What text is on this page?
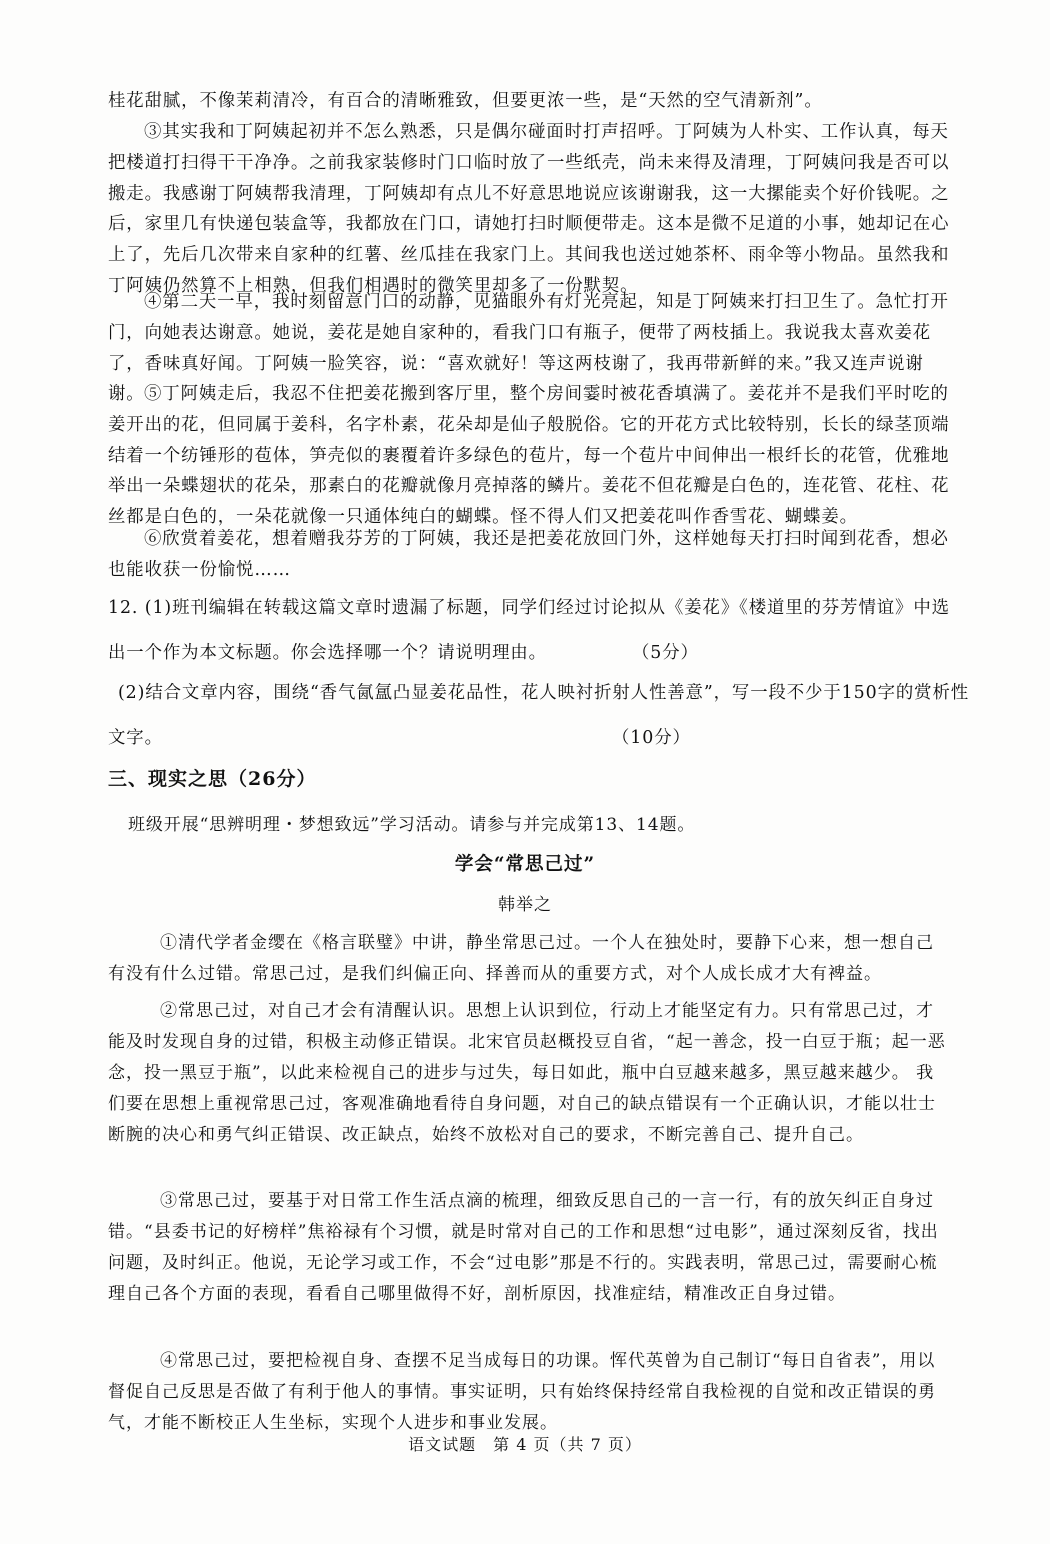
桂花甜腻，不像茉莉清冷，有百合的清晰雅致，但要更浓一些，是“天然的空气清新剂”。
③其实我和丁阿姨起初并不怎么熟悉，只是偶尔碰面时打声招呼。丁阿姨为人朴实、工作认真，每天把楼道打扫得干干净净。之前我家装修时门口临时放了一些纸壳，尚未来得及清理，丁阿姨问我是否可以搬走。我感谢丁阿姨帮我清理，丁阿姨却有点儿不好意思地说应该谢谢我，这一大摞能卖个好价钱呢。之后，家里几有快递包装盒等，我都放在门口，请她打扫时顺便带走。这本是微不足道的小事，她却记在心上了，先后几次带来自家种的红薯、丝瓜挂在我家门上。其间我也送过她茶杯、雨伞等小物品。虽然我和丁阿姨仍然算不上相熟，但我们相遇时的微笑里却多了一份默契。
④第二天一早，我时刻留意门口的动静，见猫眼外有灯光亮起，知是丁阿姨来打扫卫生了。急忙打开门，向她表达谢意。她说，姜花是她自家种的，看我门口有瓶子，便带了两枝插上。我说我太喜欢姜花了，香味真好闻。丁阿姨一脸笑容，说：“喜欢就好！等这两枝谢了，我再带新鲜的来。”我又连声说谢谢。 ⑤丁阿姨走后，我忍不住把姜花搬到客厅里，整个房间霎时被花香填满了。姜花并不是我们平时吃的姜开出的花，但同属于姜科，名字朴素，花朵却是仙子般脱俗。它的开花方式比较特别，长长的绿茎顶端结着一个纺锤形的苞体，笋壳似的裹覆着许多绿色的苞片，每一个苞片中间伸出一根纤长的花管，优雅地举出一朵蝶翅状的花朵，那素白的花瓣就像月亮掉落的鳞片。姜花不但花瓣是白色的，连花管、花柱、花丝都是白色的，一朵花就像一只通体纯白的蝴蝶。怪不得人们又把姜花叫作香雪花、蝴蝶姜。
⑥欣赏着姜花，想着赠我芬芳的丁阿姨，我还是把姜花放回门外，这样她每天打扫时闻到花香，想必也能收获一份愉悦……
12. (1)班刊编辑在转载这篇文章时遗漏了标题，同学们经过讨论拟从《姜花》《楼道里的芬芳情谊》中选出一个作为本文标题。你会选择哪一个？请说明理由。	（5分）
(2)结合文章内容，围绕“香气氤氲凸显姜花品性，花人映衬折射人性善意”，写一段不少于150字的赏析性文字。	（10分）
三、现实之思（26分）
班级开展“思辨明理・梦想致远”学习活动。请参与并完成第13、14题。
学会“常思己过”
韩举之
①清代学者金缨在《格言联璧》中讲，静坐常思己过。一个人在独处时，要静下心来，想一想自己有没有什么过错。常思己过，是我们纠偏正向、择善而从的重要方式，对个人成长成才大有裨益。
②常思己过，对自己才会有清醒认识。思想上认识到位，行动上才能坚定有力。只有常思己过，才能及时发现自身的过错，积极主动修正错误。北宋官员赵概投豆自省，“起一善念，投一白豆于瓶；起一恶念，投一黑豆于瓶”，以此来检视自己的进步与过失，每日如此，瓶中白豆越来越多，黑豆越来越少。 我们要在思想上重视常思己过，客观准确地看待自身问题，对自己的缺点错误有一个正确认识，才能以壮士断腕的决心和勇气纠正错误、改正缺点，始终不放松对自己的要求，不断完善自己、提升自己。
③常思己过，要基于对日常工作生活点滴的梳理，细致反思自己的一言一行，有的放矢纠正自身过 错。“县委书记的好榜样”焦裕禄有个习惯，就是时常对自己的工作和思想“过电影”，通过深刻反省，找出问题，及时纠正。他说，无论学习或工作，不会“过电影”那是不行的。实践表明，常思己过，需要耐心梳理自己各个方面的表现，看看自己哪里做得不好，剖析原因，找准症结，精准改正自身过错。
④常思己过，要把检视自身、查摆不足当成每日的功课。恽代英曾为自己制订“每日自省表”，用以 督促自己反思是否做了有利于他人的事情。事实证明，只有始终保持经常自我检视的自觉和改正错误的勇气，才能不断校正人生坐标，实现个人进步和事业发展。
语文试题　第 4 页（共 7 页）
